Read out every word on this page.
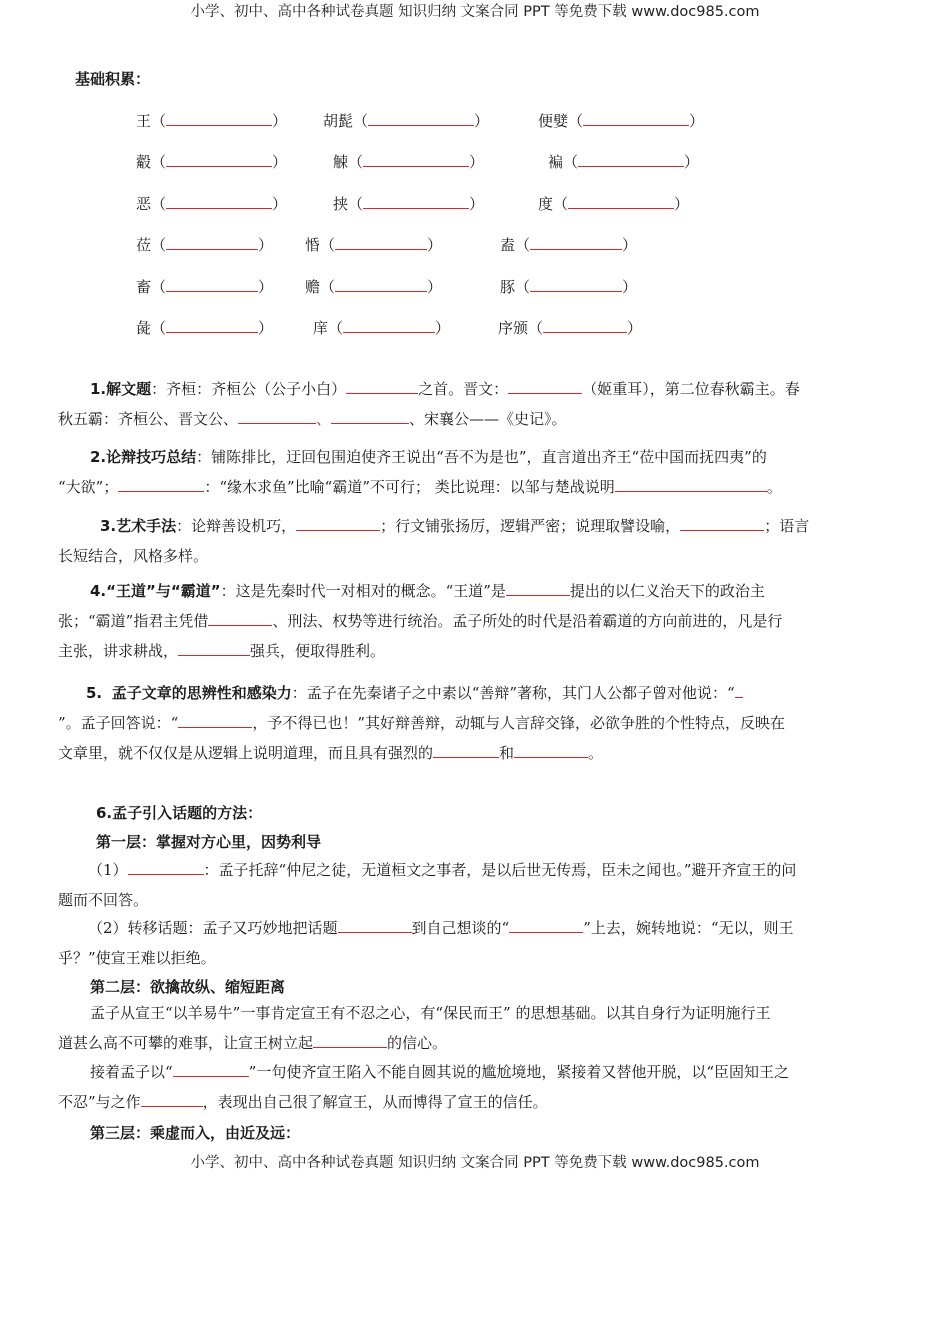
小学、初中、高中各种试卷真题 知识归纳 文案合同 PPT 等免费下载 www.doc985.com
基础积累：
王（	） 胡髭（	）	便嬖（	）
觳（	）	觫（	）	褊（	）
恶（	）	挟（	）	度（	）
莅（	） 惛（	）	盍（	）
畜（	） 赡（	）	豚（	）
彘（	）	庠（	）	序颁（	）
1.解文题：齐桓：齐桓公（公子小白）	之首。晋文：	（姬重耳），第二位春秋霸主。春
秋五霸：齐桓公、晋文公、	、	、宋襄公——《史记》。
2.论辩技巧总结：铺陈排比，迂回包围迫使齐王说出“吾不为是也”，直言道出齐王“莅中国而抚四夷”的
“大欲”；	：“缘木求鱼”比喻“霸道”不可行； 类比说理：以邹与楚战说明	。
3.艺术手法：论辩善设机巧，	；行文铺张扬厉，逻辑严密；说理取譬设喻，	；语言
长短结合，风格多样。
4.“王道”与“霸道”：这是先秦时代一对相对的概念。“王道”是	提出的以仁义治天下的政治主
张；“霸道”指君主凭借	、刑法、权势等进行统治。孟子所处的时代是沿着霸道的方向前进的，凡是行
主张，讲求耕战，	强兵，便取得胜利。
5. 孟子文章的思辨性和感染力：孟子在先秦诸子之中素以“善辩”著称，其门人公都子曾对他说：“
”。孟子回答说：“	，予不得已也！”其好辩善辩，动辄与人言辞交锋，必欲争胜的个性特点，反映在
文章里，就不仅仅是从逻辑上说明道理，而且具有强烈的	和	。
6.孟子引入话题的方法：
第一层：掌握对方心里，因势利导
（1）	：孟子托辞“仲尼之徒，无道桓文之事者，是以后世无传焉，臣未之闻也。”避开齐宣王的问
题而不回答。
（2）转移话题：孟子又巧妙地把话题	到自己想谈的“	”上去，婉转地说：“无以，则王
乎？”使宣王难以拒绝。
第二层：欲擒故纵、缩短距离
孟子从宣王“以羊易牛”一事肯定宣王有不忍之心，有“保民而王” 的思想基础。以其自身行为证明施行王
道甚么高不可攀的难事，让宣王树立起	的信心。
接着孟子以“	”一句使齐宣王陷入不能自圆其说的尴尬境地，紧接着又替他开脱，以“臣固知王之
不忍”与之作	，表现出自己很了解宣王，从而博得了宣王的信任。
第三层：乘虚而入，由近及远：
小学、初中、高中各种试卷真题 知识归纳 文案合同 PPT 等免费下载 www.doc985.com
